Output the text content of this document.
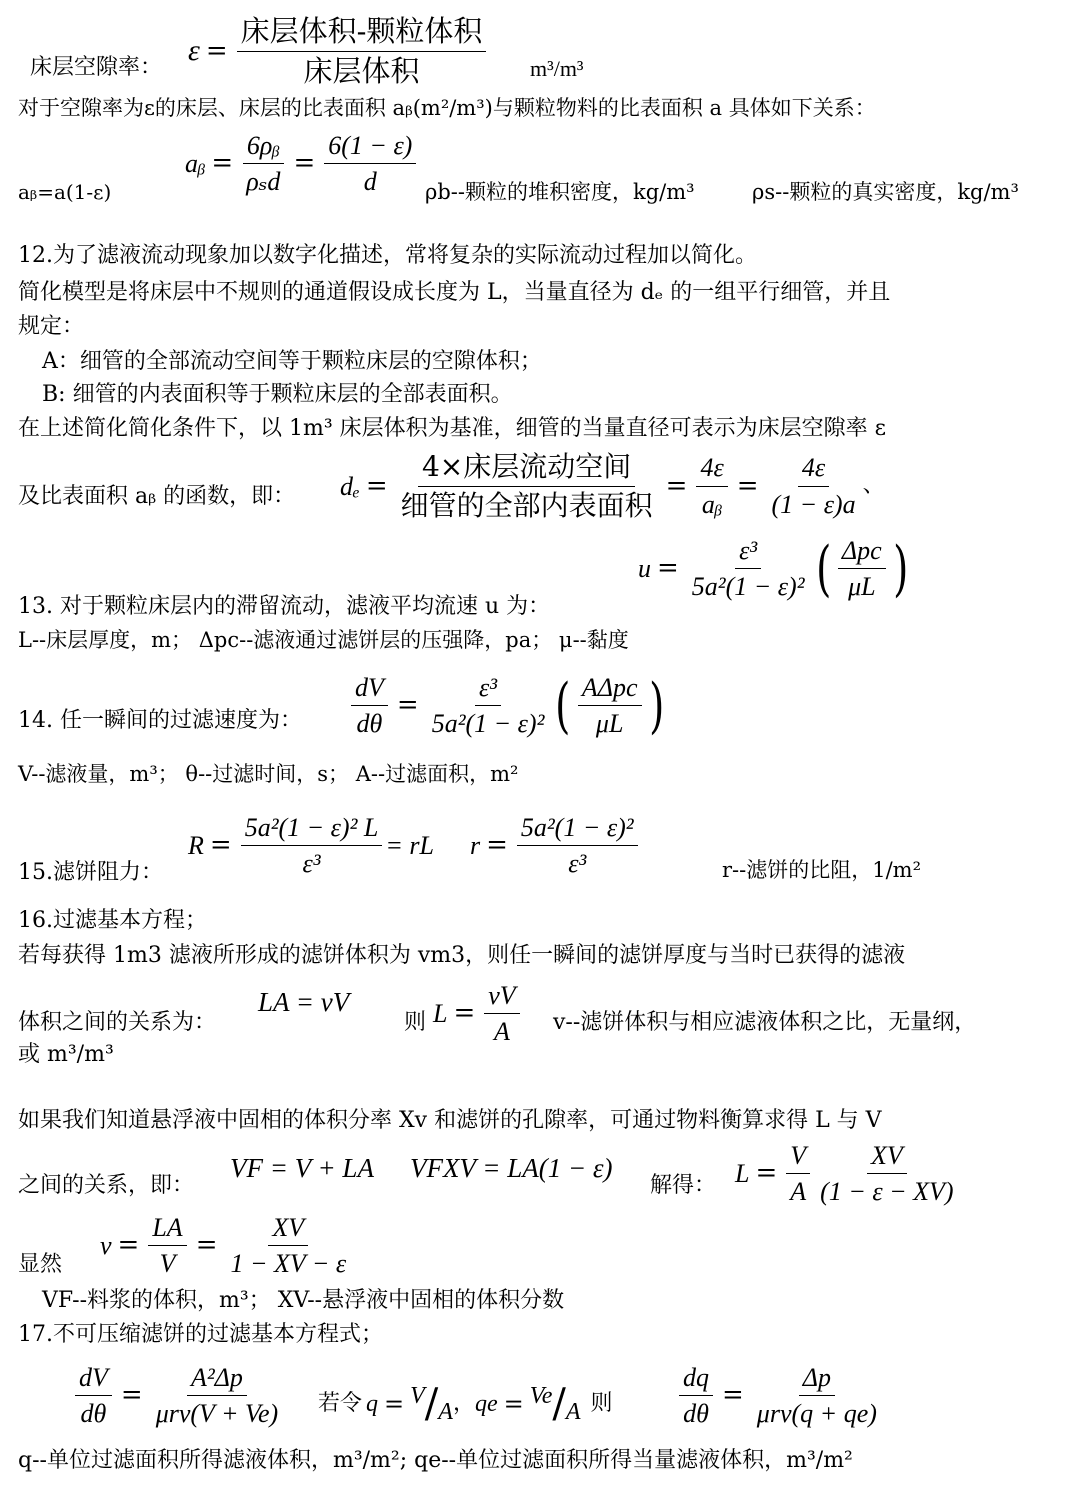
床层空隙率：
$\varepsilon = \frac{\text{床层体积-颗粒体积}}{\text{床层体积}} m^3/m^3$
对于空隙率为ε的床层、床层的比表面积 aᵦ(m²/m³)与颗粒物料的比表面积 a 具体如下关系：
aᵦ = $\frac{\text{6ρᵦ}}{\text{ρₛd}} = \frac{6(1 - \varepsilon)}{d}$
aᵦ=a(1-ε)	ρb--颗粒的堆积密度，kg/m³	ρs--颗粒的真实密度，kg/m³
12.为了滤液流动现象加以数字化描述，常将复杂的实际流动过程加以简化。
简化模型是将床层中不规则的通道假设成长度为 L，当量直径为 dₑ 的一组平行细管，并且
规定：
A：细管的全部流动空间等于颗粒床层的空隙体积；
B: 细管的内表面积等于颗粒床层的全部表面积。
在上述简化简化条件下，以 1m³ 床层体积为基准，细管的当量直径可表示为床层空隙率 ε
及比表面积 aᵦ 的函数，即： $d_e = \frac{\text{4×床层流动空间}}{\text{细管的全部内表面积}} = \frac{4\varepsilon}{\text{aᵦ}} = \frac{4\varepsilon}{(1 - \varepsilon)a}$ 、
$u = \frac{\text{ε³}}{\text{5a²(1 − ε)²}}$ ( $\frac{\text{Δpc}}{\mu L}$ )
13. 对于颗粒床层内的滞留流动，滤液平均流速 u 为：
L--床层厚度，m； Δpc--滤液通过滤饼层的压强降，pa； μ--黏度
14. 任一瞬间的过滤速度为： $\frac{dV}{d\theta} = \frac{\text{ε³}}{\text{5a²(1 − ε)²}}$ ( $\frac{\text{AΔpc}}{\mu L}$ )
V--滤液量，m³； θ--过滤时间，s； A--过滤面积，m²
15.滤饼阻力：
$R = \frac{\text{5a²(1 − ε)² L}}{\text{ε³}}$ = rL $r = \frac{\text{5a²(1 − ε)²}}{\text{ε³}}$	r--滤饼的比阻，1/m²
16.过滤基本方程；
若每获得 1m3 滤液所形成的滤饼体积为 vm3，则任一瞬间的滤饼厚度与当时已获得的滤液
体积之间的关系为：
LA = vV
则 $L = \frac{vV}{A} v--$滤饼体积与相应滤液体积之比，无量纲，
或 m³/m³
如果我们知道悬浮液中固相的体积分率 Xv 和滤饼的孔隙率，可通过物料衡算求得 L 与 V
之间的关系，即：
VF = V + LA VFXV = LA(1 − ε)
解得： $L = \frac{V}{A} \frac{XV}{(1 - \varepsilon - XV)}$
显然
$v = \frac{LA}{V} = \frac{XV}{1 - XV - \varepsilon}$
VF--料浆的体积，m³； XV--悬浮液中固相的体积分数
17.不可压缩滤饼的过滤基本方程式；
$\frac{dV}{d\theta} = \frac{\text{A²Δp}}{\text{μrv(V + Ve)}}$ 若令 q = V / A ， qe = Ve / A 则	$\frac{dq}{d\theta} = \frac{\Delta p}{\text{μrv(q + qe)}}$
q--单位过滤面积所得滤液体积，m³/m²; qe--单位过滤面积所得当量滤液体积，m³/m²
